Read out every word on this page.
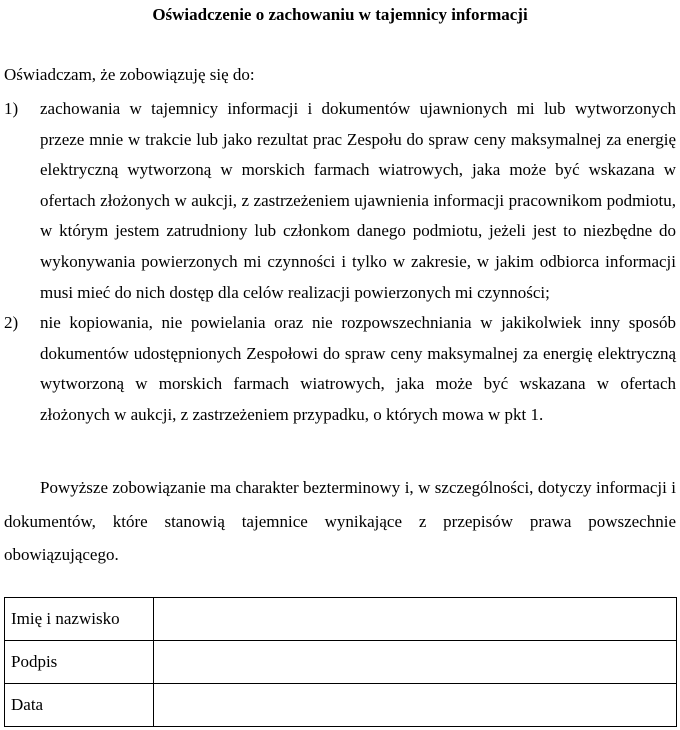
Oświadczenie o zachowaniu w tajemnicy informacji

Oświadczam, że zobowiązuję się do:

1) zachowania w tajemnicy informacji i dokumentów ujawnionych mi lub wytworzonych przeze mnie w trakcie lub jako rezultat prac Zespołu do spraw ceny maksymalnej za energię elektryczną wytworzoną w morskich farmach wiatrowych, jaka może być wskazana w ofertach złożonych w aukcji, z zastrzeżeniem ujawnienia informacji pracownikom podmiotu, w którym jestem zatrudniony lub członkom danego podmiotu, jeżeli jest to niezbędne do wykonywania powierzonych mi czynności i tylko w zakresie, w jakim odbiorca informacji musi mieć do nich dostęp dla celów realizacji powierzonych mi czynności;

2) nie kopiowania, nie powielania oraz nie rozpowszechniania w jakikolwiek inny sposób dokumentów udostępnionych Zespołowi do spraw ceny maksymalnej za energię elektryczną wytworzoną w morskich farmach wiatrowych, jaka może być wskazana w ofertach złożonych w aukcji, z zastrzeżeniem przypadku, o których mowa w pkt 1.

Powyższe zobowiązanie ma charakter bezterminowy i, w szczególności, dotyczy informacji i dokumentów, które stanowią tajemnice wynikające z przepisów prawa powszechnie obowiązującego.

Imię i nazwisko	
Podpis	
Data	
